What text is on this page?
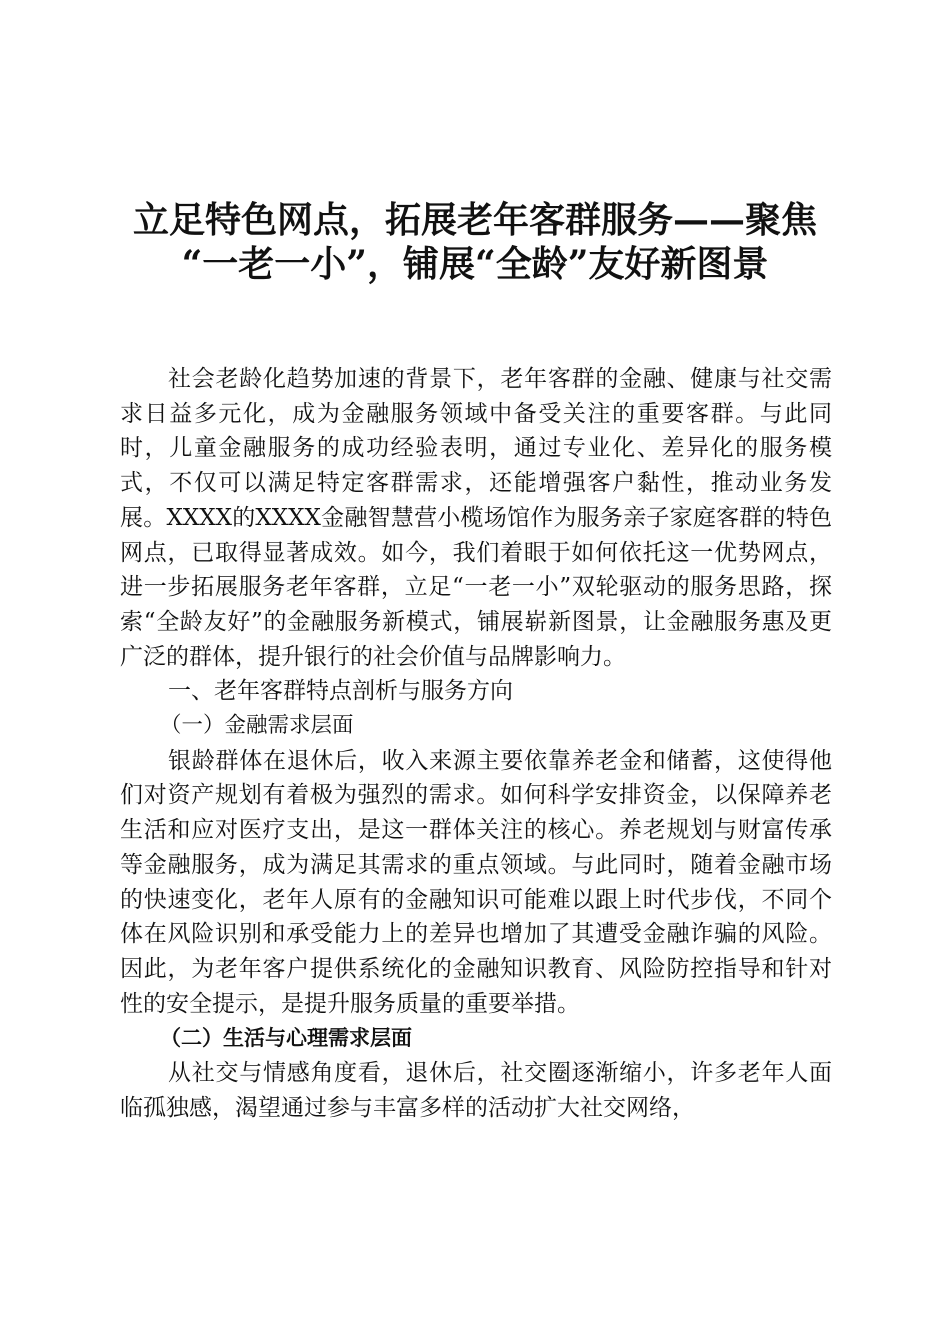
立足特色网点，拓展老年客群服务——聚焦
“一老一小”，铺展“全龄”友好新图景

社会老龄化趋势加速的背景下，老年客群的金融、健康与社交需求日益多元化，成为金融服务领域中备受关注的重要客群。与此同时，儿童金融服务的成功经验表明，通过专业化、差异化的服务模式，不仅可以满足特定客群需求，还能增强客户黏性，推动业务发展。XXXX的XXXX金融智慧营小榄场馆作为服务亲子家庭客群的特色网点，已取得显著成效。如今，我们着眼于如何依托这一优势网点，进一步拓展服务老年客群，立足“一老一小”双轮驱动的服务思路，探索“全龄友好”的金融服务新模式，铺展崭新图景，让金融服务惠及更广泛的群体，提升银行的社会价值与品牌影响力。

一、老年客群特点剖析与服务方向

（一）金融需求层面

银龄群体在退休后，收入来源主要依靠养老金和储蓄，这使得他们对资产规划有着极为强烈的需求。如何科学安排资金，以保障养老生活和应对医疗支出，是这一群体关注的核心。养老规划与财富传承等金融服务，成为满足其需求的重点领域。与此同时，随着金融市场的快速变化，老年人原有的金融知识可能难以跟上时代步伐，不同个体在风险识别和承受能力上的差异也增加了其遭受金融诈骗的风险。因此，为老年客户提供系统化的金融知识教育、风险防控指导和针对性的安全提示，是提升服务质量的重要举措。

（二）生活与心理需求层面

从社交与情感角度看，退休后，社交圈逐渐缩小，许多老年人面临孤独感，渴望通过参与丰富多样的活动扩大社交网络，
